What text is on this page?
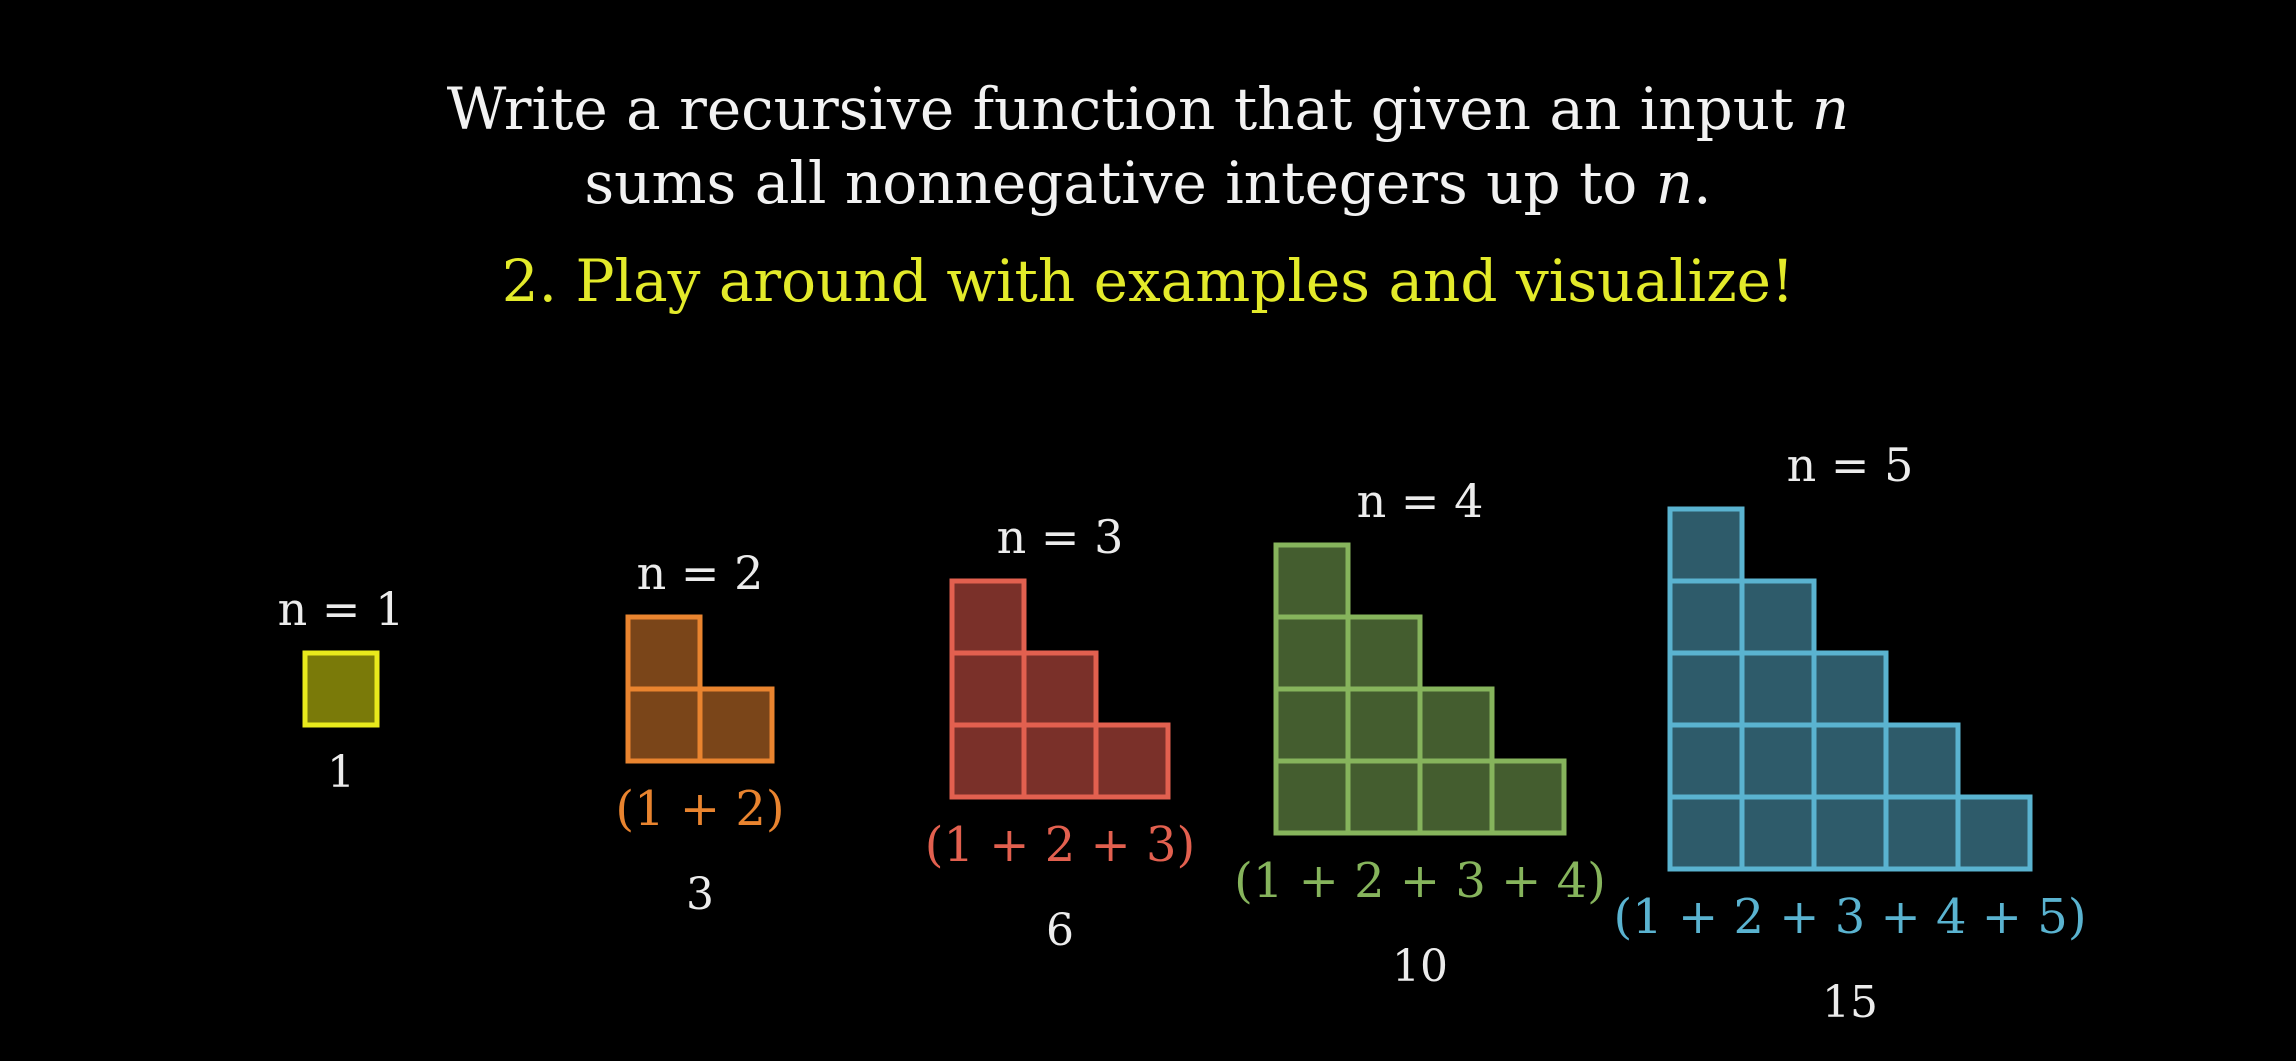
Write a recursive function that given an input n
sums all nonnegative integers up to n.
2. Play around with examples and visualize!
n = 1
1
n = 2
(1 + 2)
3
n = 3
(1 + 2 + 3)
6
n = 4
(1 + 2 + 3 + 4)
10
n = 5
(1 + 2 + 3 + 4 + 5)
15
